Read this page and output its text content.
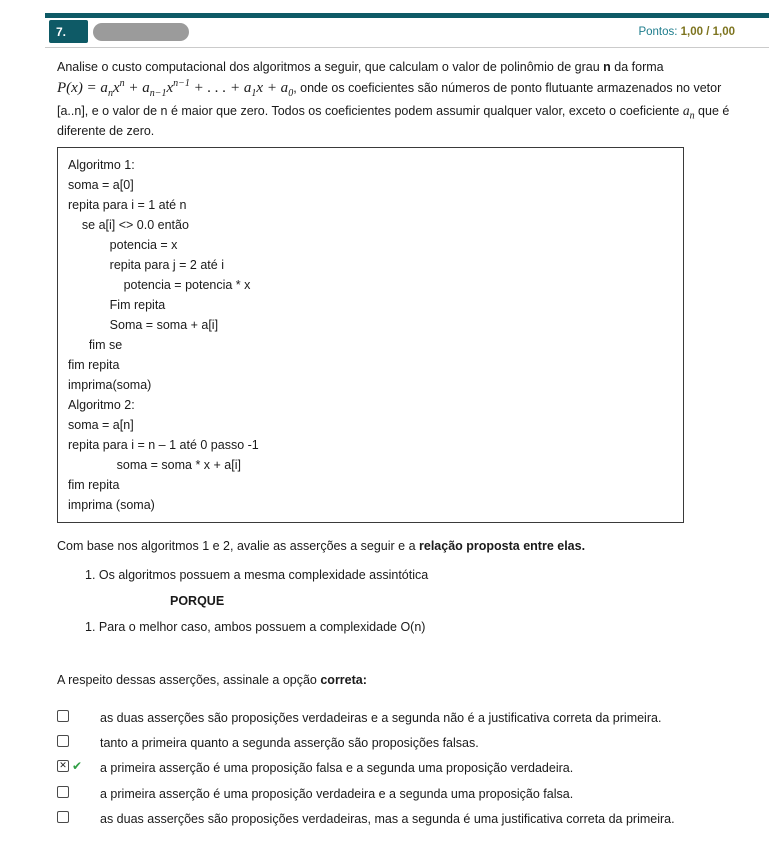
7.	Pontos: 1,00 / 1,00

Analise o custo computacional dos algoritmos a seguir, que calculam o valor de polinômio de grau n da forma $P(x) = a_nx^n + a_{n-1}x^{n-1}$ + . . . + $a_1x + a_0$, onde os coeficientes são números de ponto flutuante armazenados no vetor [a..n], e o valor de n é maior que zero. Todos os coeficientes podem assumir qualquer valor, exceto o coeficiente $a_n$ que é diferente de zero.

Algoritmo 1:
soma = a[0]
repita para i = 1 até n
se a[i] <> 0.0 então
potencia = x
repita para j = 2 até i
potencia = potencia * x
Fim repita
Soma = soma + a[i]
fim se
fim repita
imprima(soma)
Algoritmo 2:
soma = a[n]
repita para i = n – 1 até 0 passo -1
soma = soma * x + a[i]
fim repita
imprima (soma)

Com base nos algoritmos 1 e 2, avalie as asserções a seguir e a relação proposta entre elas.

1. Os algoritmos possuem a mesma complexidade assintótica

PORQUE

1. Para o melhor caso, ambos possuem a complexidade O(n)

A respeito dessas asserções, assinale a opção correta:

as duas asserções são proposições verdadeiras e a segunda não é a justificativa correta da primeira.
tanto a primeira quanto a segunda asserção são proposições falsas.
✕ ✔ a primeira asserção é uma proposição falsa e a segunda uma proposição verdadeira.
a primeira asserção é uma proposição verdadeira e a segunda uma proposição falsa.
as duas asserções são proposições verdadeiras, mas a segunda é uma justificativa correta da primeira.
